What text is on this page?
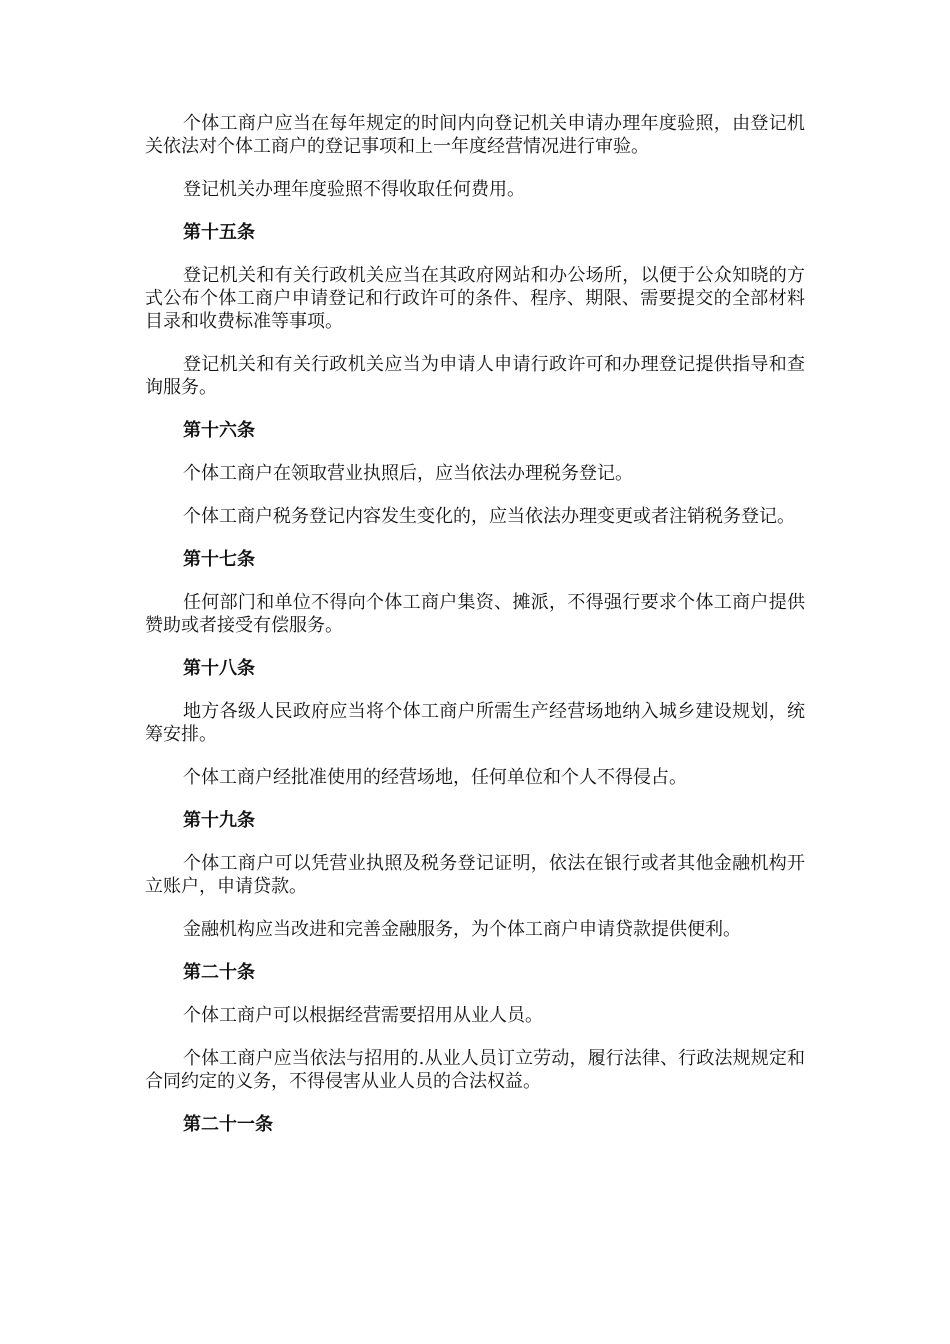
个体工商户应当在每年规定的时间内向登记机关申请办理年度验照，由登记机关依法对个体工商户的登记事项和上一年度经营情况进行审验。

登记机关办理年度验照不得收取任何费用。

第十五条

登记机关和有关行政机关应当在其政府网站和办公场所，以便于公众知晓的方式公布个体工商户申请登记和行政许可的条件、程序、期限、需要提交的全部材料目录和收费标准等事项。

登记机关和有关行政机关应当为申请人申请行政许可和办理登记提供指导和查询服务。

第十六条

个体工商户在领取营业执照后，应当依法办理税务登记。

个体工商户税务登记内容发生变化的，应当依法办理变更或者注销税务登记。

第十七条

任何部门和单位不得向个体工商户集资、摊派，不得强行要求个体工商户提供赞助或者接受有偿服务。

第十八条

地方各级人民政府应当将个体工商户所需生产经营场地纳入城乡建设规划，统筹安排。

个体工商户经批准使用的经营场地，任何单位和个人不得侵占。

第十九条

个体工商户可以凭营业执照及税务登记证明，依法在银行或者其他金融机构开立账户，申请贷款。

金融机构应当改进和完善金融服务，为个体工商户申请贷款提供便利。

第二十条

个体工商户可以根据经营需要招用从业人员。

个体工商户应当依法与招用的.从业人员订立劳动，履行法律、行政法规规定和合同约定的义务，不得侵害从业人员的合法权益。

第二十一条
